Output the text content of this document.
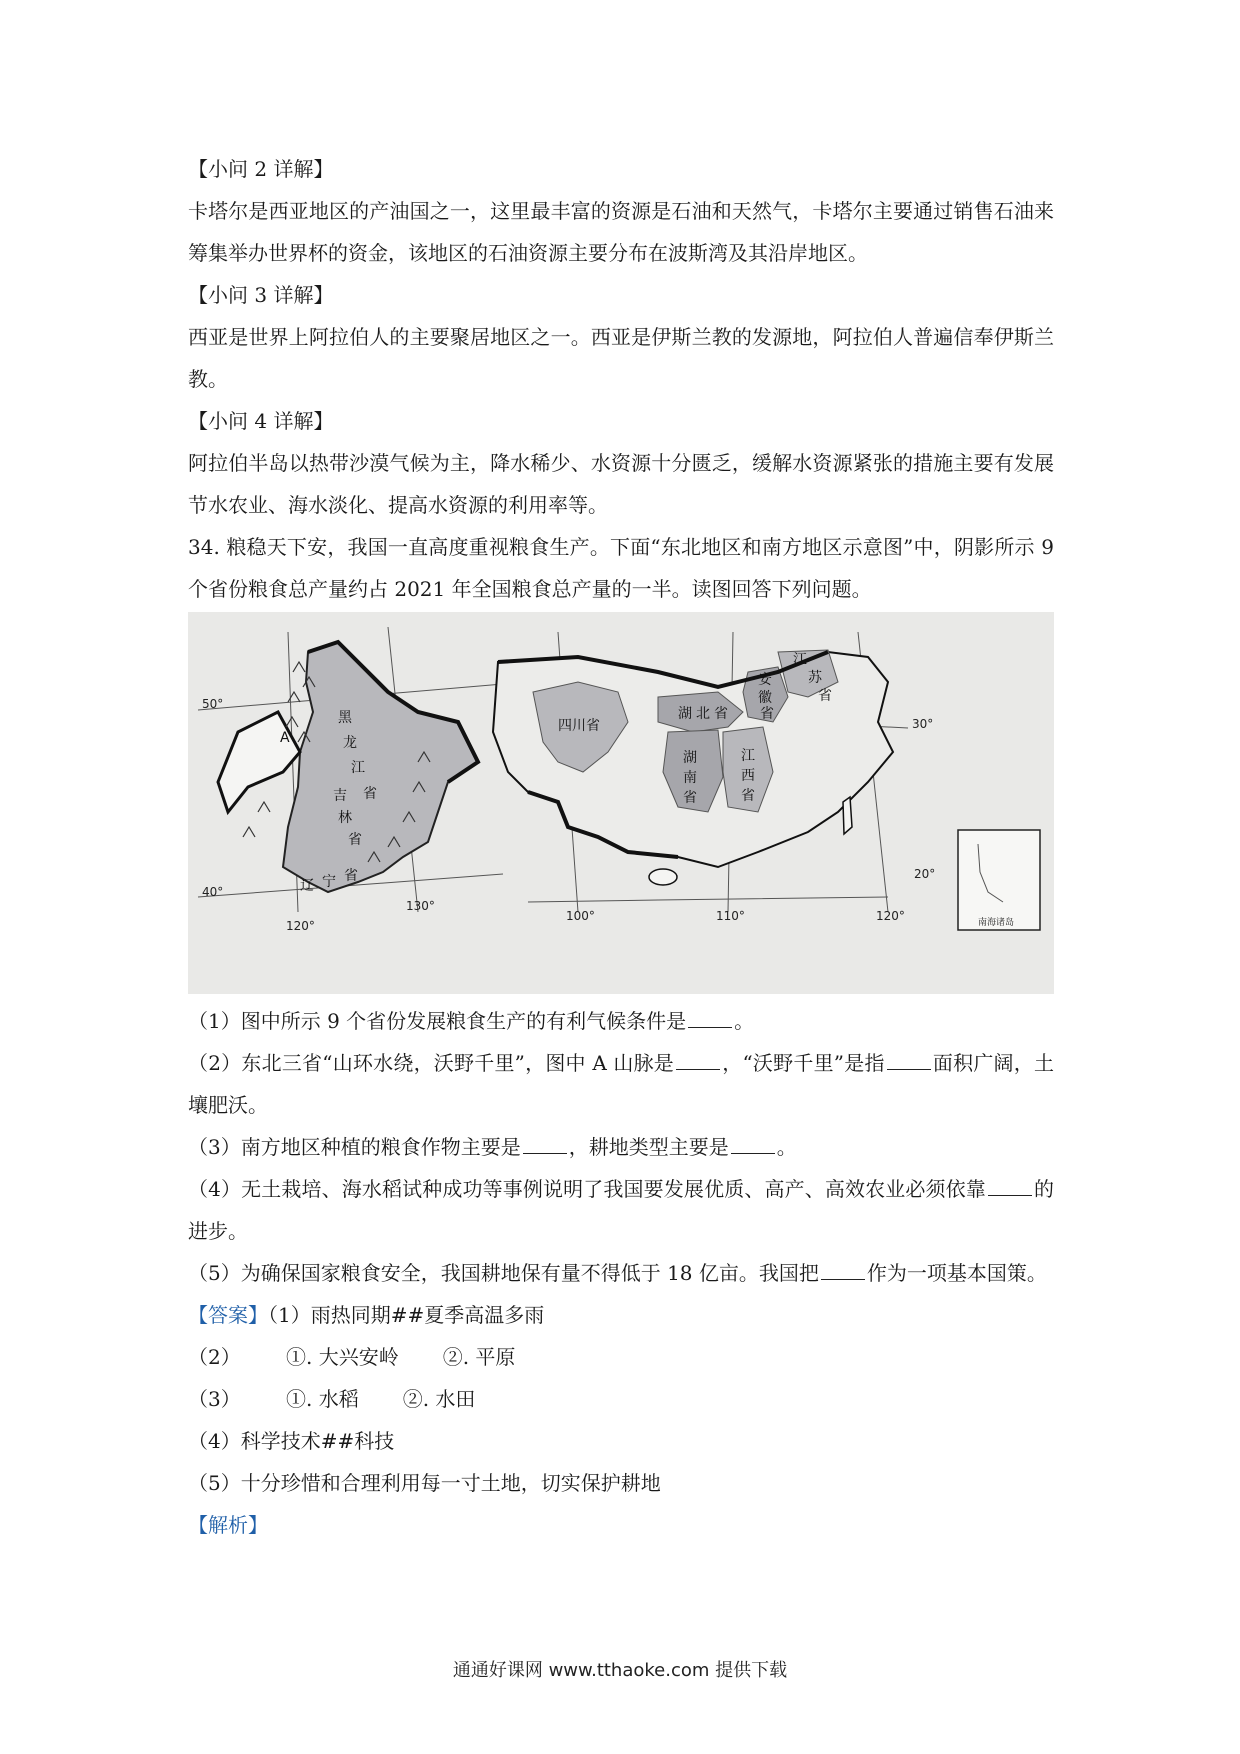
【小问 2 详解】

卡塔尔是西亚地区的产油国之一，这里最丰富的资源是石油和天然气，卡塔尔主要通过销售石油来筹集举办世界杯的资金，该地区的石油资源主要分布在波斯湾及其沿岸地区。

【小问 3 详解】

西亚是世界上阿拉伯人的主要聚居地区之一。西亚是伊斯兰教的发源地，阿拉伯人普遍信奉伊斯兰教。

【小问 4 详解】

阿拉伯半岛以热带沙漠气候为主，降水稀少、水资源十分匮乏，缓解水资源紧张的措施主要有发展节水农业、海水淡化、提高水资源的利用率等。

34. 粮稳天下安，我国一直高度重视粮食生产。下面“东北地区和南方地区示意图”中，阴影所示 9 个省份粮食总产量约占 2021 年全国粮食总产量的一半。读图回答下列问题。

A
黑
龙
江
省
吉
林
省
辽 宁 省
四川省
湖 北 省
湖
南
省
江
西
省
安
徽
省
江
苏
省
50°
40°
30°
20°
120°
130°
100°	110°	120°	南海诸岛

（1）图中所示 9 个省份发展粮食生产的有利气候条件是 。

（2）东北三省“山环水绕，沃野千里”，图中 A 山脉是 ，“沃野千里”是指 面积广阔，土壤肥沃。

（3）南方地区种植的粮食作物主要是 ，耕地类型主要是 。

（4）无土栽培、海水稻试种成功等事例说明了我国要发展优质、高产、高效农业必须依靠 的进步。

（5）为确保国家粮食安全，我国耕地保有量不得低于 18 亿亩。我国把 作为一项基本国策。

【答案】（1）雨热同期##夏季高温多雨

（2）	①. 大兴安岭 ②. 平原
（3）	①. 水稻 ②. 水田

（4）科学技术##科技

（5）十分珍惜和合理利用每一寸土地，切实保护耕地

【解析】

通通好课网 www.tthaoke.com 提供下载
